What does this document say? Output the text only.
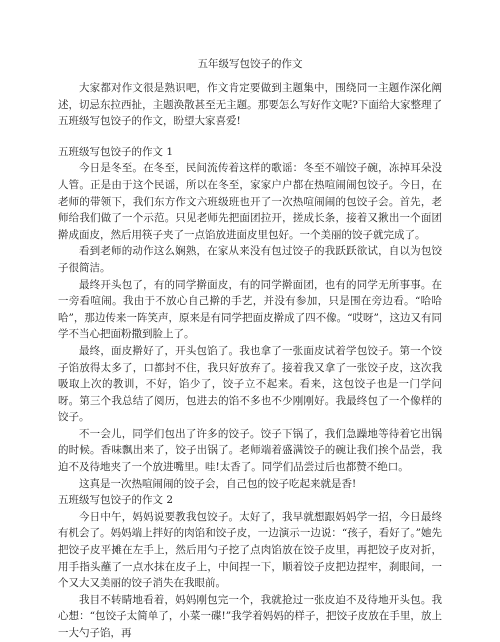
五年级写包饺子的作文

大家都对作文很是熟识吧，作文肯定要做到主题集中，围绕同一主题作深化阐述，切忌东拉西扯，主题涣散甚至无主题。那要怎么写好作文呢?下面给大家整理了五班级写包饺子的作文，盼望大家喜爱!

五班级写包饺子的作文 1

今日是冬至。在冬至，民间流传着这样的歌谣：冬至不端饺子碗，冻掉耳朵没人管。正是由于这个民谣，所以在冬至，家家户户都在热喧闹闹包饺子。今日，在老师的带领下，我们东方作文六班级班也开了一次热喧闹闹的包饺子会。首先，老师给我们做了一个示范。只见老师先把面团拉开，搓成长条，接着又揪出一个面团擀成面皮，然后用筷子夹了一点馅放进面皮里包好。一个美丽的饺子就完成了。

看到老师的动作这么娴熟，在家从来没有包过饺子的我跃跃欲试，自以为包饺子很简洁。

最终开头包了，有的同学擀面皮，有的同学擀面团，也有的同学无所事事。在一旁看喧闹。我由于不放心自己擀的手艺，并没有参加，只是围在旁边看。“哈哈哈”，那边传来一阵笑声，原来是有同学把面皮擀成了四不像。“哎呀”，这边又有同学不当心把面粉撒到脸上了。

最终，面皮擀好了，开头包馅了。我也拿了一张面皮试着学包饺子。第一个饺子馅放得太多了，口都封不住，我只好放弃了。接着我又拿了一张饺子皮，这次我吸取上次的教训，不好，馅少了，饺子立不起来。看来，这包饺子也是一门学问呀。第三个我总结了阅历，包进去的馅不多也不少刚刚好。我最终包了一个像样的饺子。

不一会儿，同学们包出了许多的饺子。饺子下锅了，我们急躁地等待着它出锅的时候。香味飘出来了，饺子出锅了。老师端着盛满饺子的碗让我们挨个品尝，我迫不及待地夹了一个放进嘴里。哇!太香了。同学们品尝过后也都赞不绝口。

这真是一次热喧闹闹的饺子会，自己包的饺子吃起来就是香!

五班级写包饺子的作文 2

今日中午，妈妈说要教我包饺子。太好了，我早就想跟妈妈学一招，今日最终有机会了。妈妈端上拌好的肉馅和饺子皮，一边演示一边说：“孩子，看好了。”她先把饺子皮平摊在左手上，然后用勺子挖了点肉馅放在饺子皮里，再把饺子皮对折，用手指头蘸了一点水抹在皮子上，中间捏一下，顺着饺子皮把边捏牢，刹眼间，一个又大又美丽的饺子消失在我眼前。

我目不转睛地看着，妈妈刚包完一个，我就抢过一张皮迫不及待地开头包。我心想：“包饺子太简单了，小菜一碟!”我学着妈妈的样子，把饺子皮放在手里，放上一大勺子馅，再
